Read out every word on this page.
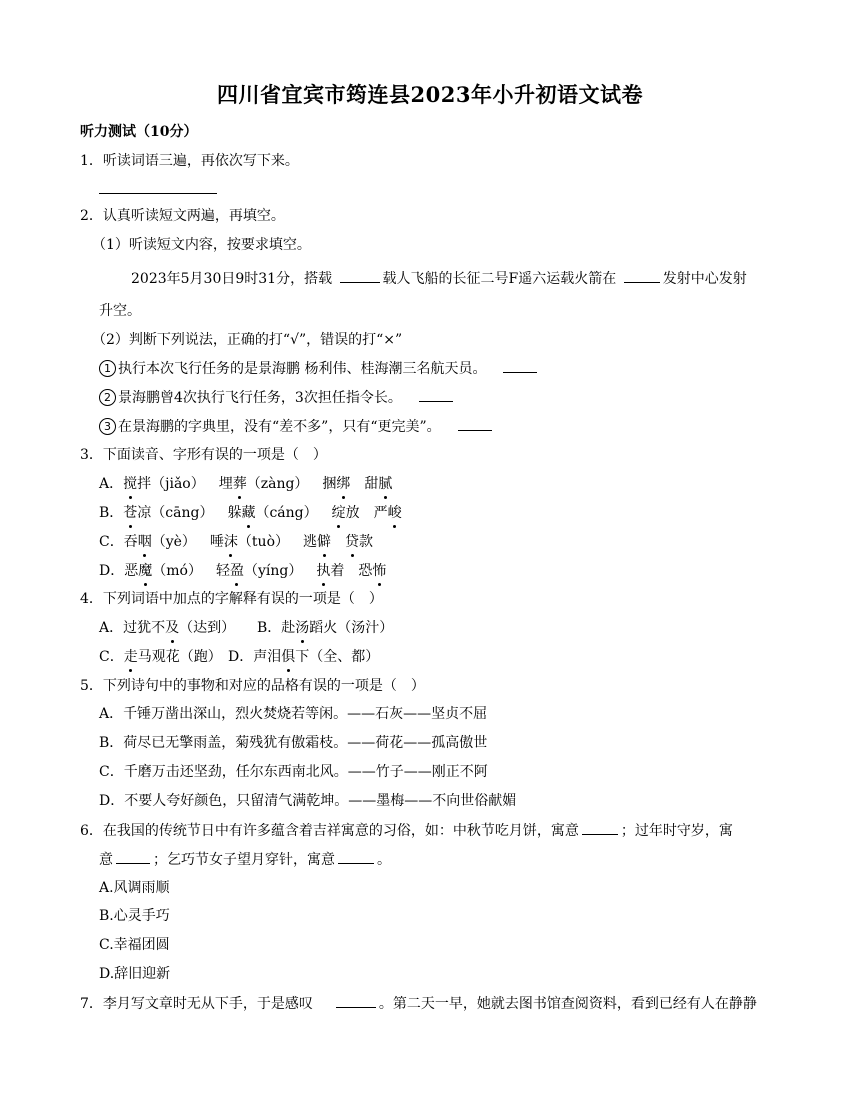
四川省宜宾市筠连县2023年小升初语文试卷
听力测试（10分）
1．听读词语三遍，再依次写下来。
2．认真听读短文两遍，再填空。
（1）听读短文内容，按要求填空。
2023年5月30日9时31分，搭载	载人飞船的长征二号F遥六运载火箭在	发射中心发射
升空。
（2）判断下列说法，正确的打“√”，错误的打“×”
1 执行本次飞行任务的是景海鹏 杨利伟、桂海潮三名航天员。
2 景海鹏曾4次执行飞行任务，3次担任指令长。
3 在景海鹏的字典里，没有“差不多”，只有“更完美”。
3．下面读音、字形有误的一项是（　）
A．搅拌（jiǎo） 埋葬（zàng） 捆绑 甜腻
B．苍凉（cāng） 躲藏（cáng） 绽放 严峻
C．吞咽（yè） 唾沫（tuò） 逃僻 贷款
D．恶魔（mó） 轻盈（yíng） 执着 恐怖
4．下列词语中加点的字解释有误的一项是（　）
A．过犹不及（达到） B．赴汤蹈火（汤汁）
C．走马观花（跑） D．声泪俱下（全、都）
5．下列诗句中的事物和对应的品格有误的一项是（　）
A．千锤万凿出深山，烈火焚烧若等闲。——石灰——坚贞不屈
B．荷尽已无擎雨盖，菊残犹有傲霜枝。——荷花——孤高傲世
C．千磨万击还坚劲，任尔东西南北风。——竹子——刚正不阿
D．不要人夸好颜色，只留清气满乾坤。——墨梅——不向世俗献媚
6．在我国的传统节日中有许多蕴含着吉祥寓意的习俗，如：中秋节吃月饼，寓意	；过年时守岁，寓
意	；乞巧节女子望月穿针，寓意	。
A.风调雨顺
B.心灵手巧
C.幸福团圆
D.辞旧迎新
7．李月写文章时无从下手，于是感叹	。第二天一早，她就去图书馆查阅资料，看到已经有人在静静
